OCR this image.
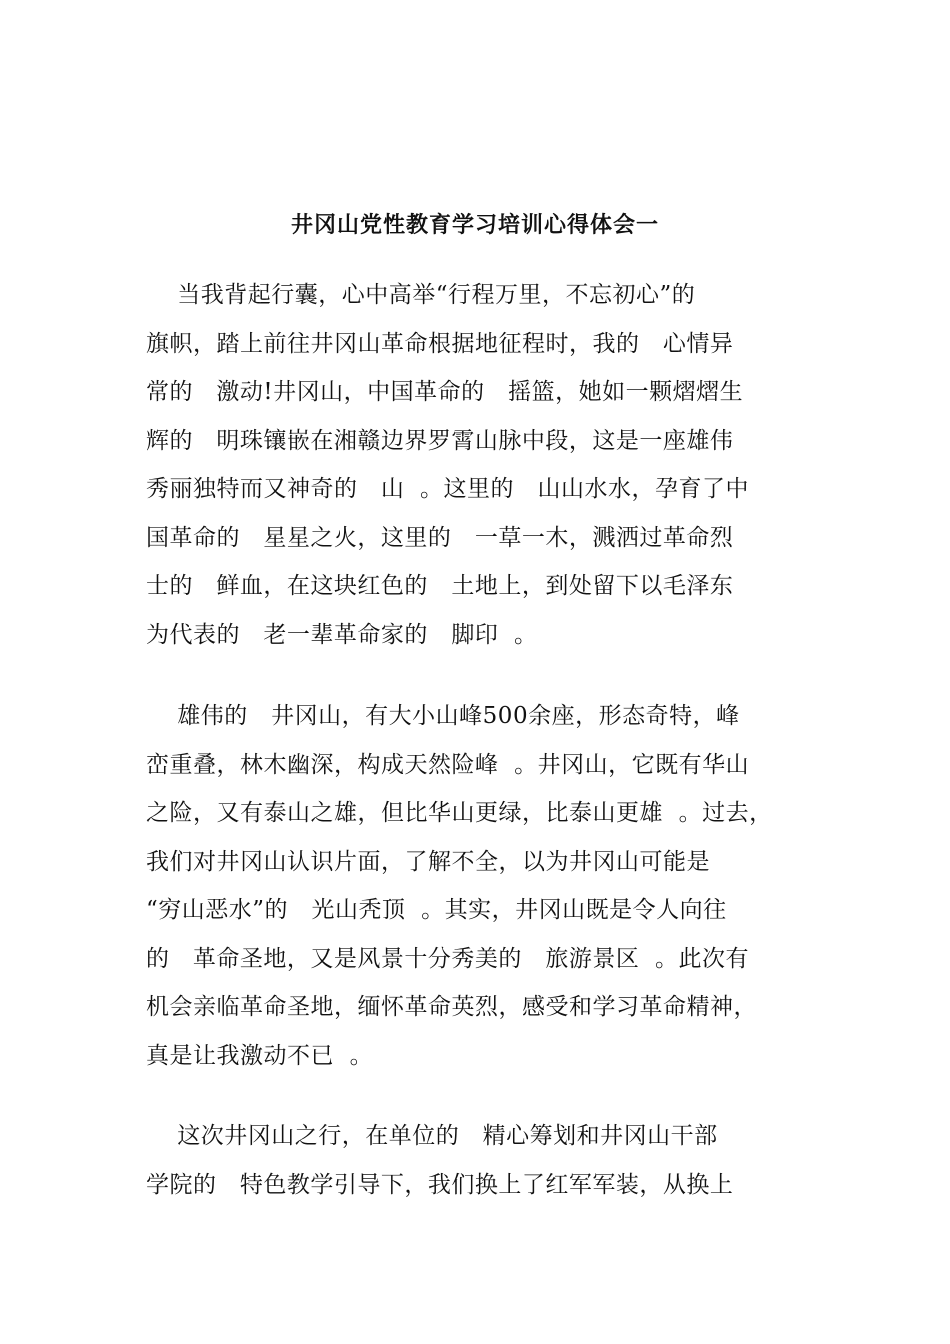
井冈山党性教育学习培训心得体会一
当我背起行囊，心中高举“行程万里，不忘初心”的
旗帜，踏上前往井冈山革命根据地征程时，我的   心情异
常的   激动!井冈山，中国革命的   摇篮，她如一颗熠熠生
辉的   明珠镶嵌在湘赣边界罗霄山脉中段，这是一座雄伟
秀丽独特而又神奇的   山  。这里的   山山水水，孕育了中
国革命的   星星之火，这里的   一草一木，溅洒过革命烈
士的   鲜血，在这块红色的   土地上，到处留下以毛泽东
为代表的   老一辈革命家的   脚印  。
雄伟的   井冈山，有大小山峰500余座，形态奇特，峰
峦重叠，林木幽深，构成天然险峰  。井冈山，它既有华山
之险，又有泰山之雄，但比华山更绿，比泰山更雄  。过去，
我们对井冈山认识片面，了解不全，以为井冈山可能是
“穷山恶水”的   光山秃顶  。其实，井冈山既是令人向往
的   革命圣地，又是风景十分秀美的   旅游景区  。此次有
机会亲临革命圣地，缅怀革命英烈，感受和学习革命精神，
真是让我激动不已  。
这次井冈山之行，在单位的   精心筹划和井冈山干部
学院的   特色教学引导下，我们换上了红军军装，从换上
